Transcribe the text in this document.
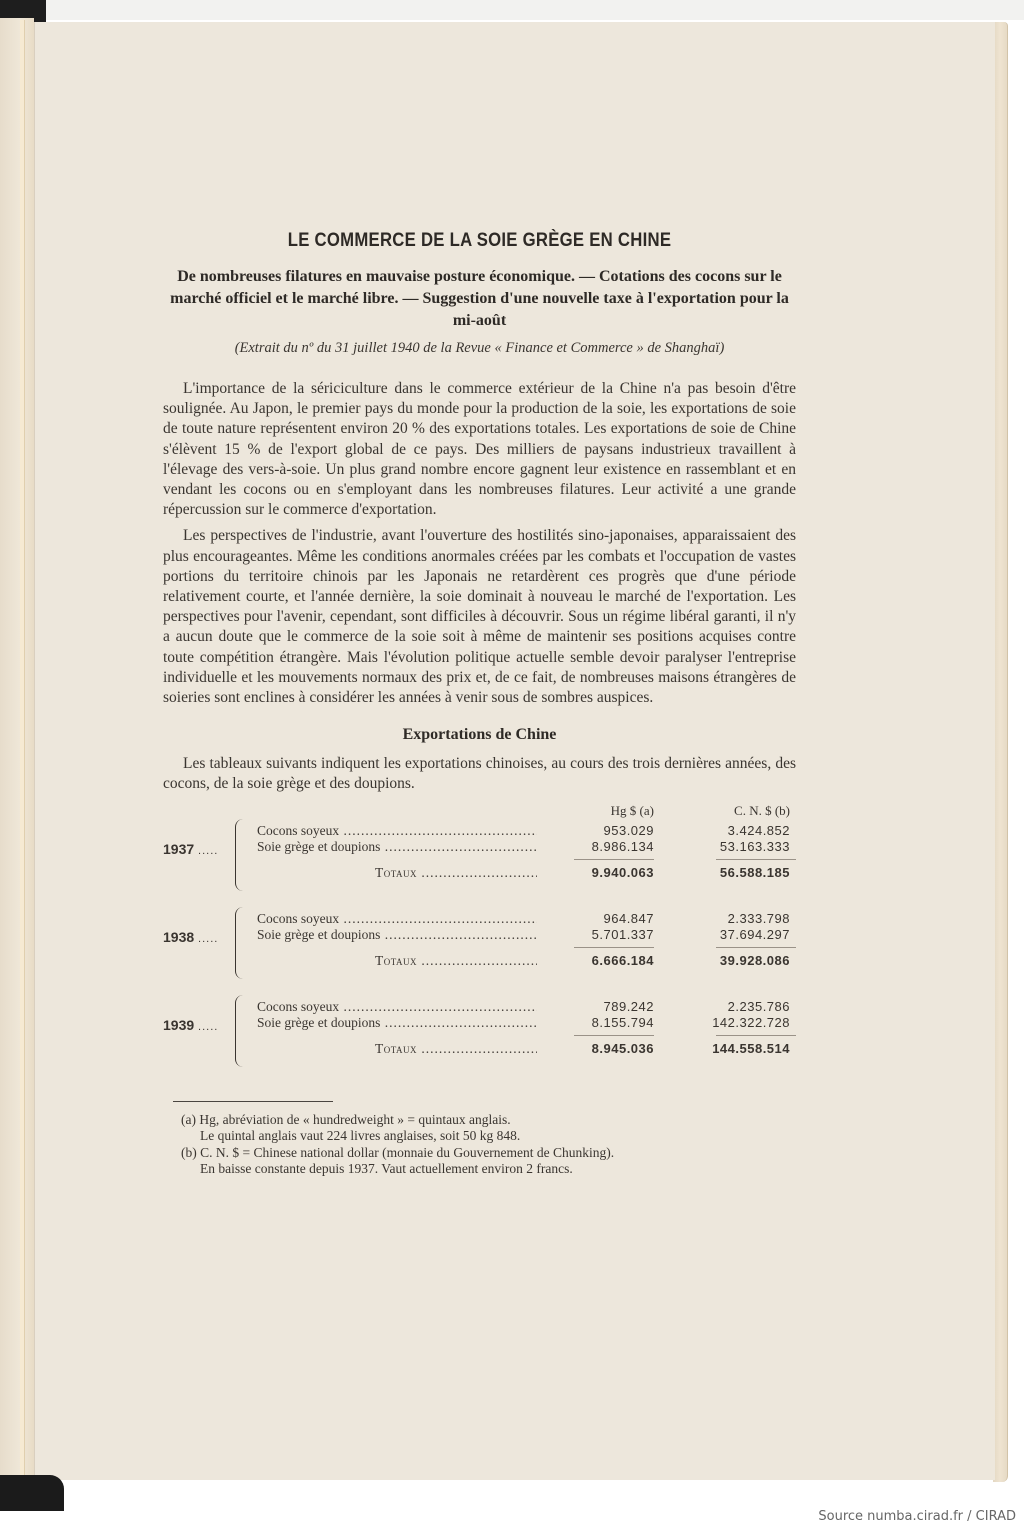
LE COMMERCE DE LA SOIE GRÈGE EN CHINE

De nombreuses filatures en mauvaise posture économique. — Cotations des cocons sur le marché officiel et le marché libre. — Suggestion d'une nouvelle taxe à l'exportation pour la mi-août

(Extrait du nº du 31 juillet 1940 de la Revue « Finance et Commerce » de Shanghaï)

L'importance de la sériciculture dans le commerce extérieur de la Chine n'a pas besoin d'être soulignée. Au Japon, le premier pays du monde pour la production de la soie, les exportations de soie de toute nature représentent environ 20 % des exportations totales. Les exportations de soie de Chine s'élèvent 15 % de l'export global de ce pays. Des milliers de paysans industrieux travaillent à l'élevage des vers-à-soie. Un plus grand nombre encore gagnent leur existence en rassemblant et en vendant les cocons ou en s'employant dans les nombreuses filatures. Leur activité a une grande répercussion sur le commerce d'exportation.

Les perspectives de l'industrie, avant l'ouverture des hostilités sino-japonaises, apparaissaient des plus encourageantes. Même les conditions anormales créées par les combats et l'occupation de vastes portions du territoire chinois par les Japonais ne retardèrent ces progrès que d'une période relativement courte, et l'année dernière, la soie dominait à nouveau le marché de l'exportation. Les perspectives pour l'avenir, cependant, sont difficiles à découvrir. Sous un régime libéral garanti, il n'y a aucun doute que le commerce de la soie soit à même de maintenir ses positions acquises contre toute compétition étrangère. Mais l'évolution politique actuelle semble devoir paralyser l'entreprise individuelle et les mouvements normaux des prix et, de ce fait, de nombreuses maisons étrangères de soieries sont enclines à considérer les années à venir sous de sombres auspices.

Exportations de Chine

Les tableaux suivants indiquent les exportations chinoises, au cours des trois dernières années, des cocons, de la soie grège et des doupions.

Hg $ (a)	C. N. $ (b)
1937 .....
Cocons soyeux .....	953.029	3.424.852
Soie grège et doupions .....	8.986.134	53.163.333
Totaux .....	9.940.063	56.588.185
1938 .....
Cocons soyeux .....	964.847	2.333.798
Soie grège et doupions .....	5.701.337	37.694.297
Totaux .....	6.666.184	39.928.086
1939 .....
Cocons soyeux .....	789.242	2.235.786
Soie grège et doupions .....	8.155.794	142.322.728
Totaux .....	8.945.036	144.558.514

(a) Hg, abréviation de « hundredweight » = quintaux anglais.
Le quintal anglais vaut 224 livres anglaises, soit 50 kg 848.

(b) C. N. $ = Chinese national dollar (monnaie du Gouvernement de Chunking).
En baisse constante depuis 1937. Vaut actuellement environ 2 francs.

Source numba.cirad.fr / CIRAD
